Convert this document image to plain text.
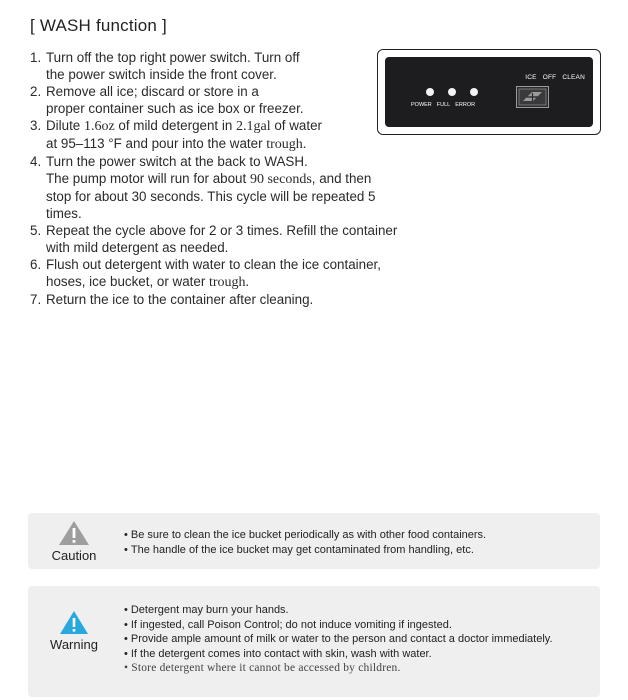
[ WASH function ]
1. Turn off the top right power switch. Turn off
the power switch inside the front cover.
2. Remove all ice; discard or store in a
proper container such as ice box or freezer.
3. Dilute 1.6oz of mild detergent in 2.1gal of water
at 95–113 °F and pour into the water trough.
4. Turn the power switch at the back to WASH.
The pump motor will run for about 90 seconds, and then
stop for about 30 seconds. This cycle will be repeated 5
times.
5. Repeat the cycle above for 2 or 3 times. Refill the container
with mild detergent as needed.
6. Flush out detergent with water to clean the ice container,
hoses, ice bucket, or water trough.
7. Return the ice to the container after cleaning.
ICE OFF CLEAN
POWER FULL ERROR
Caution
• Be sure to clean the ice bucket periodically as with other food containers.
• The handle of the ice bucket may get contaminated from handling, etc.
Warning
• Detergent may burn your hands.
• If ingested, call Poison Control; do not induce vomiting if ingested.
• Provide ample amount of milk or water to the person and contact a doctor immediately.
• If the detergent comes into contact with skin, wash with water.
• Store detergent where it cannot be accessed by children.
